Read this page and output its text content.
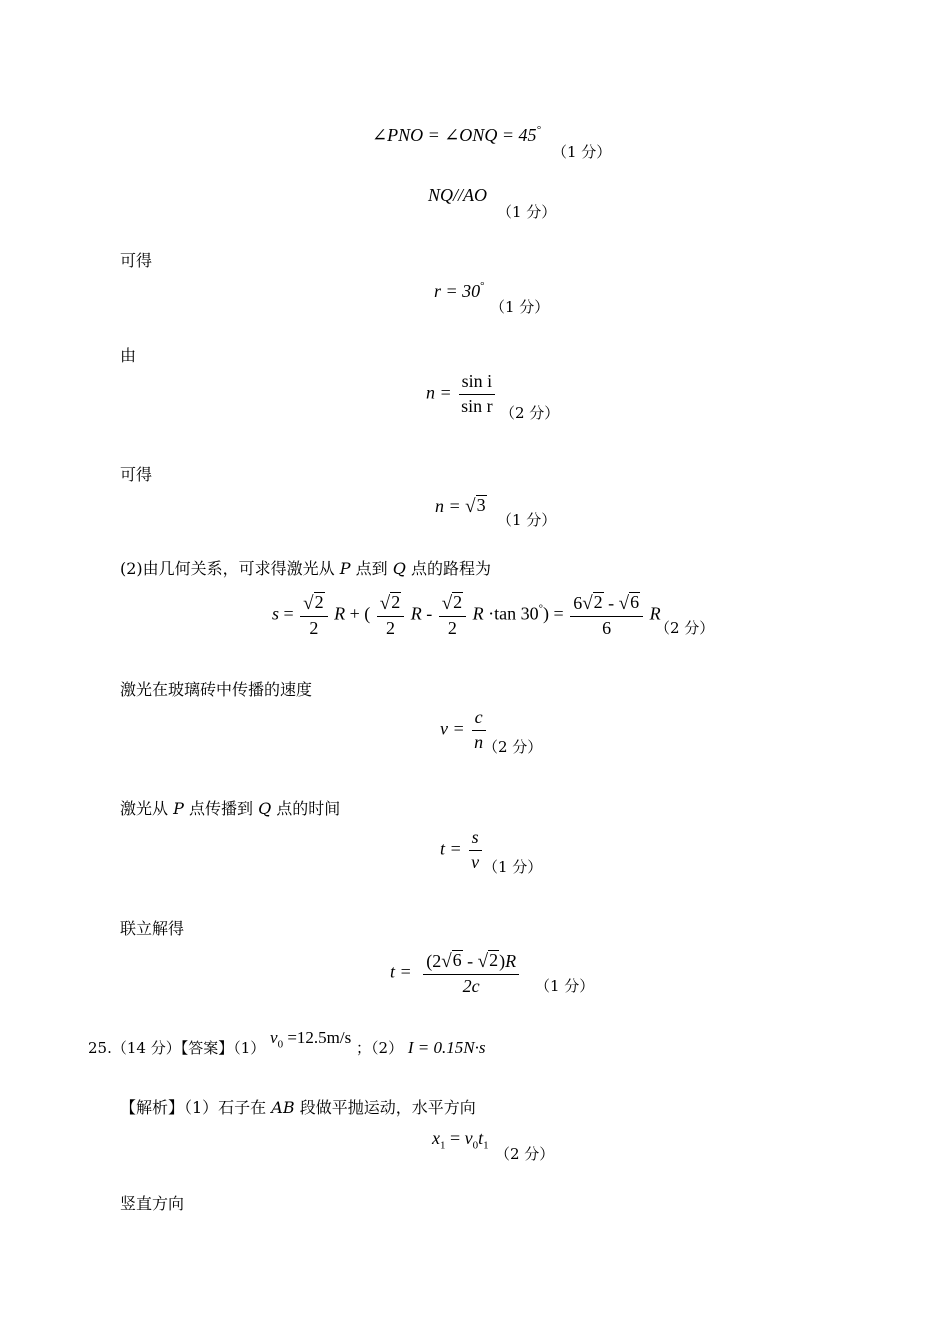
∠PNO = ∠ONQ = 45°
（1 分）
NQ//AO
（1 分）
可得
r = 30°
（1 分）
由
$n = \frac{\text{sin i}}{\text{sin r}} (2$ 分）
可得
n = √ 3
（1 分）
(2)由几何关系，可求得激光从 P 点到 Q 点的路程为
$s = \frac{√ 2}{2}$ R + ( $\frac{√ 2}{2}$ R - $\frac{√ 2}{2}$ R ·tan $30^\circ) = \frac{6 √ 2 - √ 6}{6}$ R
（2 分）
激光在玻璃砖中传播的速度
$v = \frac{c}{n}$
（2 分）
激光从 P 点传播到 Q 点的时间
$t = \frac{s}{v} (1$ 分）
联立解得
$t = \frac{(2 √ 6 - √ 2 )R}{2c} (1$ 分）
25.（14 分）【答案】（1） $v_0 =12.5m/s$ ；（2） I = 0.15N·s
【解析】（1）石子在 AB 段做平抛运动，水平方向
$x_1 = v_0t_1$ （2 分）
竖直方向
